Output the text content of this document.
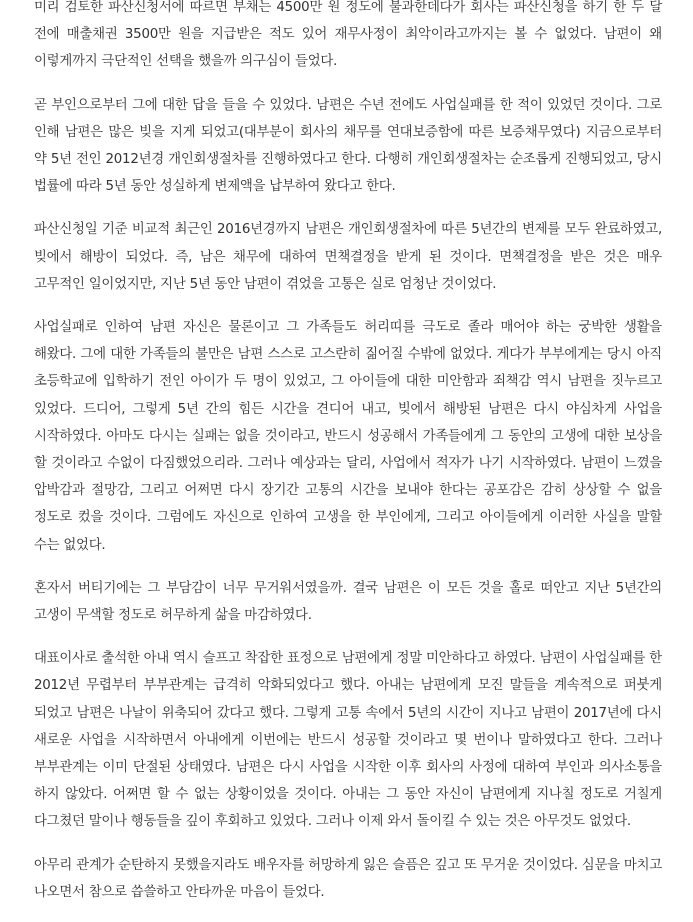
미리 검토한 파산신청서에 따르면 부채는 4500만 원 정도에 불과한데다가 회사는 파산신청을 하기 한 두 달 전에 매출채권 3500만 원을 지급받은 적도 있어 재무사정이 최악이라고까지는 볼 수 없었다. 남편이 왜 이렇게까지 극단적인 선택을 했을까 의구심이 들었다.

곧 부인으로부터 그에 대한 답을 들을 수 있었다. 남편은 수년 전에도 사업실패를 한 적이 있었던 것이다. 그로 인해 남편은 많은 빚을 지게 되었고(대부분이 회사의 채무를 연대보증함에 따른 보증채무였다) 지금으로부터 약 5년 전인 2012년경 개인회생절차를 진행하였다고 한다. 다행히 개인회생절차는 순조롭게 진행되었고, 당시 법률에 따라 5년 동안 성실하게 변제액을 납부하여 왔다고 한다.

파산신청일 기준 비교적 최근인 2016년경까지 남편은 개인회생절차에 따른 5년간의 변제를 모두 완료하였고, 빚에서 해방이 되었다. 즉, 남은 채무에 대하여 면책결정을 받게 된 것이다. 면책결정을 받은 것은 매우 고무적인 일이었지만, 지난 5년 동안 남편이 겪었을 고통은 실로 엄청난 것이었다.

사업실패로 인하여 남편 자신은 물론이고 그 가족들도 허리띠를 극도로 졸라 매어야 하는 궁박한 생활을 해왔다. 그에 대한 가족들의 불만은 남편 스스로 고스란히 짊어질 수밖에 없었다. 게다가 부부에게는 당시 아직 초등학교에 입학하기 전인 아이가 두 명이 있었고, 그 아이들에 대한 미안함과 죄책감 역시 남편을 짓누르고 있었다. 드디어, 그렇게 5년 간의 힘든 시간을 견디어 내고, 빚에서 해방된 남편은 다시 야심차게 사업을 시작하였다. 아마도 다시는 실패는 없을 것이라고, 반드시 성공해서 가족들에게 그 동안의 고생에 대한 보상을 할 것이라고 수없이 다짐했었으리라. 그러나 예상과는 달리, 사업에서 적자가 나기 시작하였다. 남편이 느꼈을 압박감과 절망감, 그리고 어쩌면 다시 장기간 고통의 시간을 보내야 한다는 공포감은 감히 상상할 수 없을 정도로 컸을 것이다. 그럼에도 자신으로 인하여 고생을 한 부인에게, 그리고 아이들에게 이러한 사실을 말할 수는 없었다.

혼자서 버티기에는 그 부담감이 너무 무거워서였을까. 결국 남편은 이 모든 것을 홀로 떠안고 지난 5년간의 고생이 무색할 정도로 허무하게 삶을 마감하였다.

대표이사로 출석한 아내 역시 슬프고 착잡한 표정으로 남편에게 정말 미안하다고 하였다. 남편이 사업실패를 한 2012년 무렵부터 부부관계는 급격히 악화되었다고 했다. 아내는 남편에게 모진 말들을 계속적으로 퍼붓게 되었고 남편은 나날이 위축되어 갔다고 했다. 그렇게 고통 속에서 5년의 시간이 지나고 남편이 2017년에 다시 새로운 사업을 시작하면서 아내에게 이번에는 반드시 성공할 것이라고 몇 번이나 말하였다고 한다. 그러나 부부관계는 이미 단절된 상태였다. 남편은 다시 사업을 시작한 이후 회사의 사정에 대하여 부인과 의사소통을 하지 않았다. 어쩌면 할 수 없는 상황이었을 것이다. 아내는 그 동안 자신이 남편에게 지나칠 정도로 거칠게 다그쳤던 말이나 행동들을 깊이 후회하고 있었다. 그러나 이제 와서 돌이킬 수 있는 것은 아무것도 없었다.

아무리 관계가 순탄하지 못했을지라도 배우자를 허망하게 잃은 슬픔은 깊고 또 무거운 것이었다. 심문을 마치고 나오면서 참으로 씁쓸하고 안타까운 마음이 들었다.
